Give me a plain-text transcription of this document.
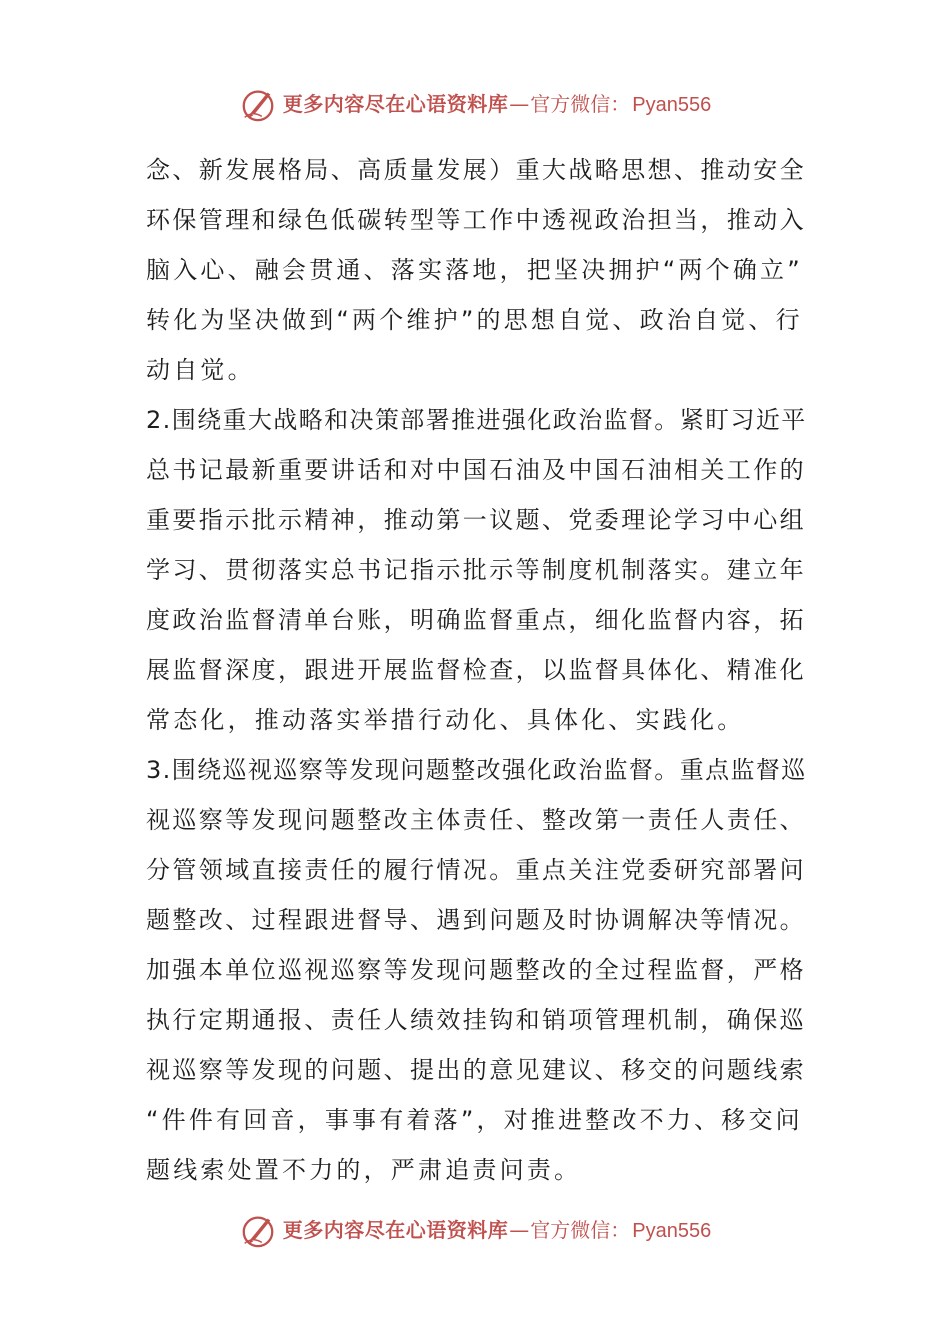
更多内容尽在心语资料库 — 官方微信： Pyan556
念、新发展格局、高质量发展）重大战略思想、推动安全
环保管理和绿色低碳转型等工作中透视政治担当，推动入
脑入心、融会贯通、落实落地，把坚决拥护“两个确立”
转化为坚决做到“两个维护”的思想自觉、政治自觉、行
动自觉。
2.围绕重大战略和决策部署推进强化政治监督。紧盯习近平
总书记最新重要讲话和对中国石油及中国石油相关工作的
重要指示批示精神，推动第一议题、党委理论学习中心组
学习、贯彻落实总书记指示批示等制度机制落实。建立年
度政治监督清单台账，明确监督重点，细化监督内容，拓
展监督深度，跟进开展监督检查，以监督具体化、精准化
常态化，推动落实举措行动化、具体化、实践化。
3.围绕巡视巡察等发现问题整改强化政治监督。重点监督巡
视巡察等发现问题整改主体责任、整改第一责任人责任、
分管领域直接责任的履行情况。重点关注党委研究部署问
题整改、过程跟进督导、遇到问题及时协调解决等情况。
加强本单位巡视巡察等发现问题整改的全过程监督，严格
执行定期通报、责任人绩效挂钩和销项管理机制，确保巡
视巡察等发现的问题、提出的意见建议、移交的问题线索
“件件有回音，事事有着落”，对推进整改不力、移交问
题线索处置不力的，严肃追责问责。
更多内容尽在心语资料库 — 官方微信： Pyan556
